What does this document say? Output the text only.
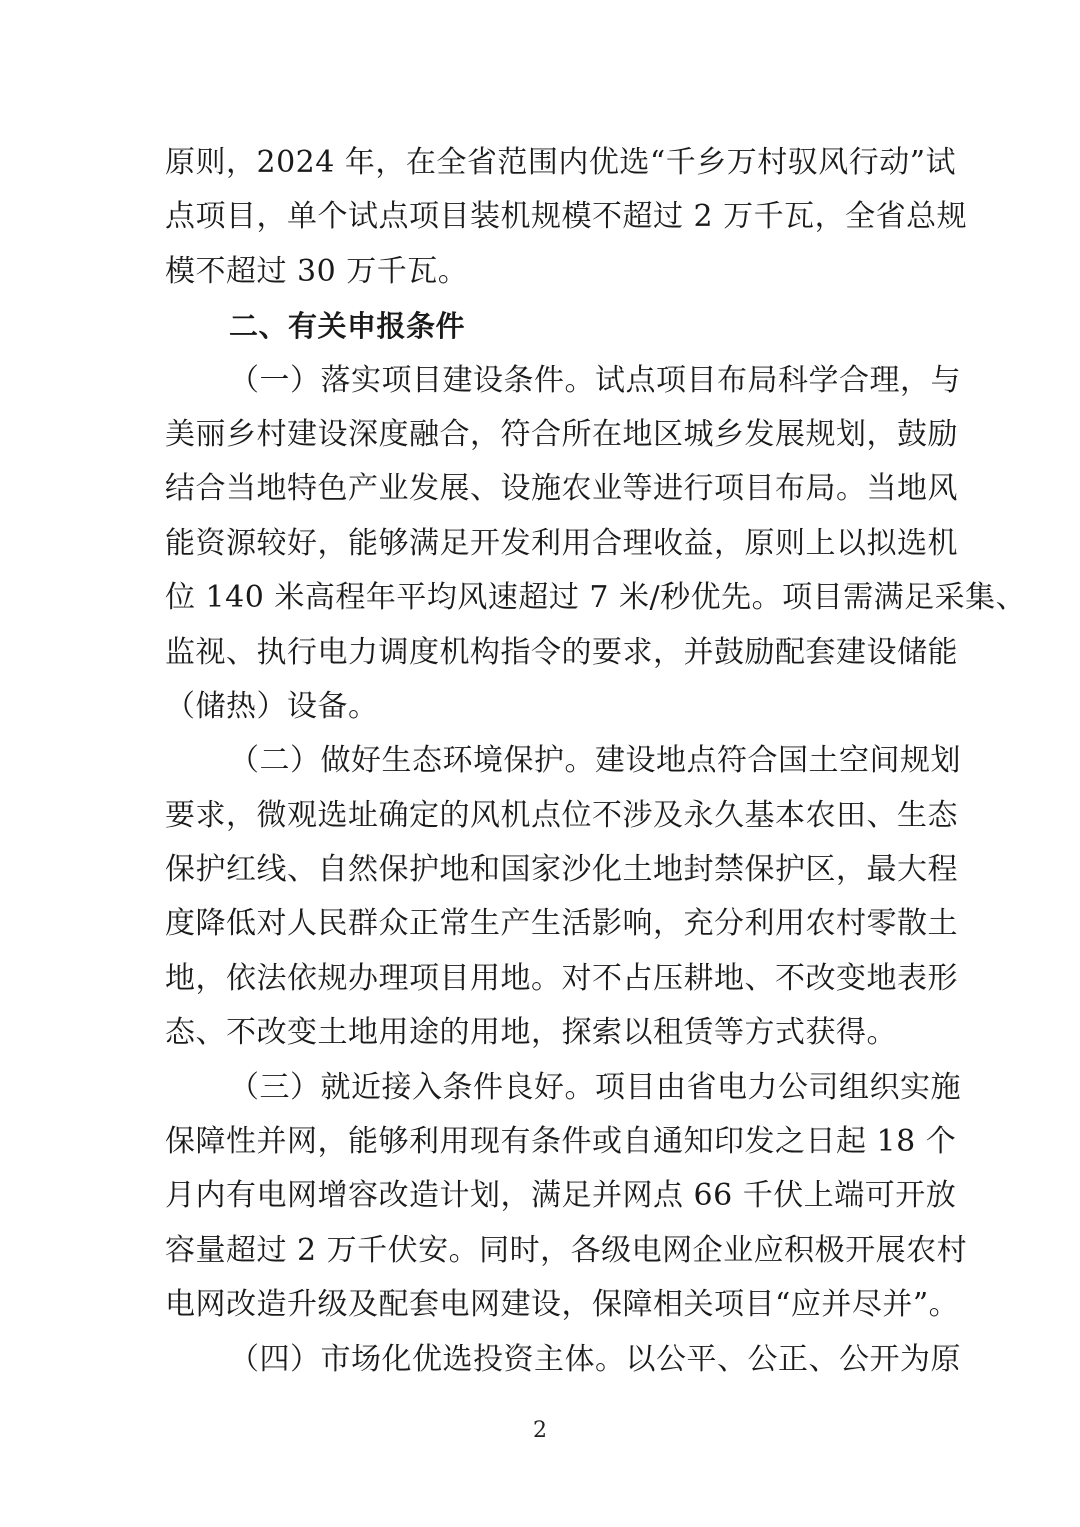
原则，2024 年，在全省范围内优选“千乡万村驭风行动”试
点项目，单个试点项目装机规模不超过 2 万千瓦，全省总规
模不超过 30 万千瓦。
二、有关申报条件
（一）落实项目建设条件。试点项目布局科学合理，与
美丽乡村建设深度融合，符合所在地区城乡发展规划，鼓励
结合当地特色产业发展、设施农业等进行项目布局。当地风
能资源较好，能够满足开发利用合理收益，原则上以拟选机
位 140 米高程年平均风速超过 7 米/秒优先。项目需满足采集、
监视、执行电力调度机构指令的要求，并鼓励配套建设储能
（储热）设备。
（二）做好生态环境保护。建设地点符合国土空间规划
要求，微观选址确定的风机点位不涉及永久基本农田、生态
保护红线、自然保护地和国家沙化土地封禁保护区，最大程
度降低对人民群众正常生产生活影响，充分利用农村零散土
地，依法依规办理项目用地。对不占压耕地、不改变地表形
态、不改变土地用途的用地，探索以租赁等方式获得。
（三）就近接入条件良好。项目由省电力公司组织实施
保障性并网，能够利用现有条件或自通知印发之日起 18 个
月内有电网增容改造计划，满足并网点 66 千伏上端可开放
容量超过 2 万千伏安。同时，各级电网企业应积极开展农村
电网改造升级及配套电网建设，保障相关项目“应并尽并”。
（四）市场化优选投资主体。以公平、公正、公开为原
2
